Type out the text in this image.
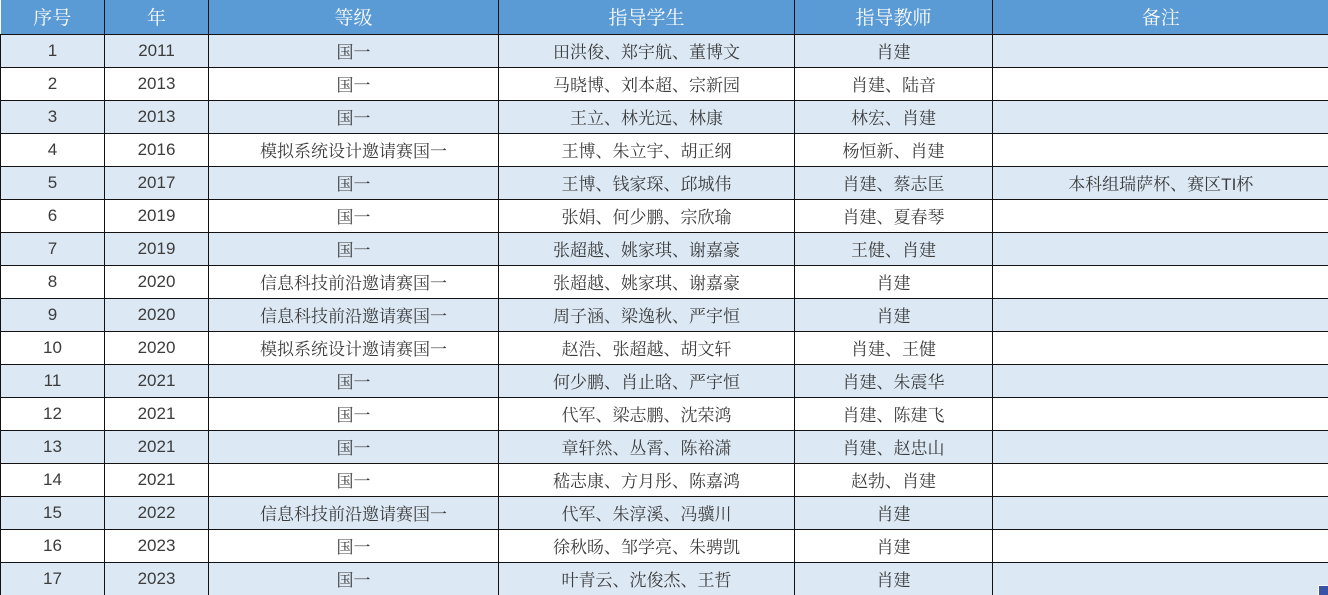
序号	年	等级	指导学生	指导教师	备注
1	2011	国一	田洪俊、郑宇航、董博文	肖建	
2	2013	国一	马晓博、刘本超、宗新园	肖建、陆音	
3	2013	国一	王立、林光远、林康	林宏、肖建	
4	2016	模拟系统设计邀请赛国一	王博、朱立宇、胡正纲	杨恒新、肖建	
5	2017	国一	王博、钱家琛、邱城伟	肖建、蔡志匡	本科组瑞萨杯、赛区TI杯
6	2019	国一	张娟、何少鹏、宗欣瑜	肖建、夏春琴	
7	2019	国一	张超越、姚家琪、谢嘉豪	王健、肖建	
8	2020	信息科技前沿邀请赛国一	张超越、姚家琪、谢嘉豪	肖建	
9	2020	信息科技前沿邀请赛国一	周子涵、梁逸秋、严宇恒	肖建	
10	2020	模拟系统设计邀请赛国一	赵浩、张超越、胡文轩	肖建、王健	
11	2021	国一	何少鹏、肖止晗、严宇恒	肖建、朱震华	
12	2021	国一	代军、梁志鹏、沈荣鸿	肖建、陈建飞	
13	2021	国一	章轩然、丛霄、陈裕潇	肖建、赵忠山	
14	2021	国一	嵇志康、方月彤、陈嘉鸿	赵勃、肖建	
15	2022	信息科技前沿邀请赛国一	代军、朱淳溪、冯骥川	肖建	
16	2023	国一	徐秋旸、邹学亮、朱骋凯	肖建	
17	2023	国一	叶青云、沈俊杰、王哲	肖建	
